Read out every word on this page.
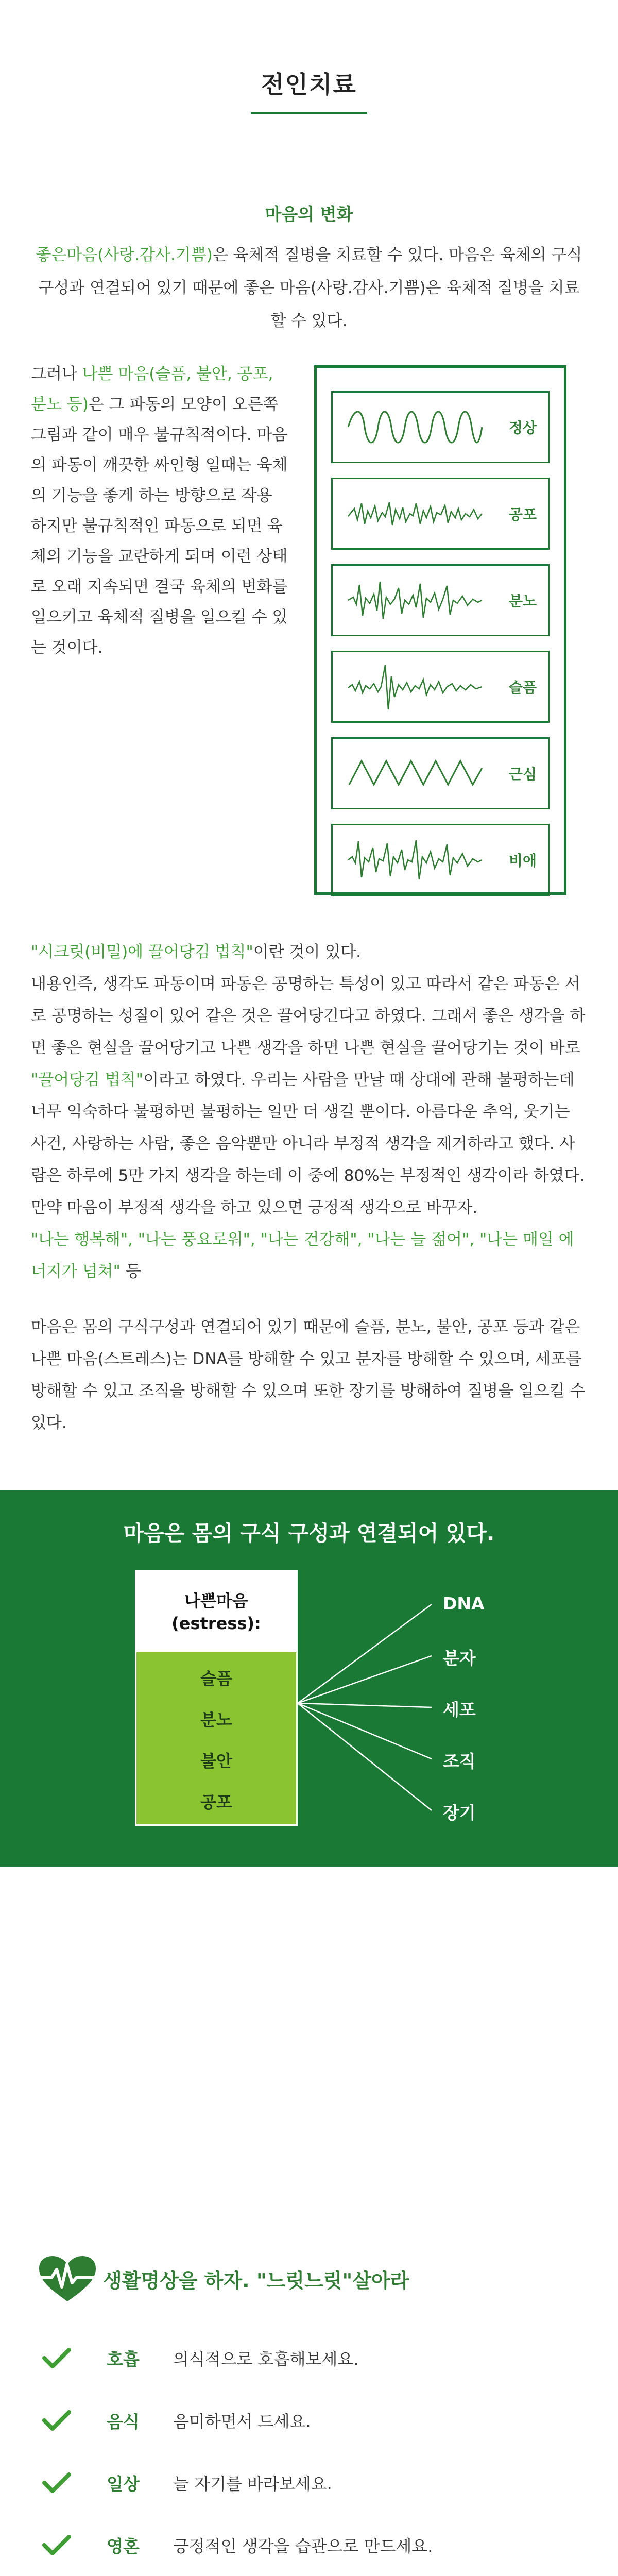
전인치료
마음의 변화
좋은마음(사랑.감사.기쁨)은 육체적 질병을 치료할 수 있다. 마음은 육체의 구식구성과 연결되어 있기 때문에 좋은 마음(사랑.감사.기쁨)은 육체적 질병을 치료할 수 있다.
그러나 나쁜 마음(슬픔, 불안, 공포, 분노 등)은 그 파동의 모양이 오른쪽 그림과 같이 매우 불규칙적이다. 마음의 파동이 깨끗한 싸인형 일때는 육체의 기능을 좋게 하는 방향으로 작용 하지만 불규칙적인 파동으로 되면 육체의 기능을 교란하게 되며 이런 상태로 오래 지속되면 결국 육체의 변화를 일으키고 육체적 질병을 일으킬 수 있는 것이다.
정상
공포
분노
슬픔
근심
비애

"시크릿(비밀)에 끌어당김 법칙"이란 것이 있다.

내용인즉, 생각도 파동이며 파동은 공명하는 특성이 있고 따라서 같은 파동은 서로 공명하는 성질이 있어 같은 것은 끌어당긴다고 하였다. 그래서 좋은 생각을 하면 좋은 현실을 끌어당기고 나쁜 생각을 하면 나쁜 현실을 끌어당기는 것이 바로 "끌어당김 법칙"이라고 하였다. 우리는 사람을 만날 때 상대에 관해 불평하는데 너무 익숙하다 불평하면 불평하는 일만 더 생길 뿐이다. 아름다운 추억, 웃기는 사건, 사랑하는 사람, 좋은 음악뿐만 아니라 부정적 생각을 제거하라고 했다. 사람은 하루에 5만 가지 생각을 하는데 이 중에 80%는 부정적인 생각이라 하였다. 만약 마음이 부정적 생각을 하고 있으면 긍정적 생각으로 바꾸자.

"나는 행복해", "나는 풍요로워", "나는 건강해", "나는 늘 젊어", "나는 매일 에너지가 넘쳐" 등

마음은 몸의 구식구성과 연결되어 있기 때문에 슬픔, 분노, 불안, 공포 등과 같은 나쁜 마음(스트레스)는 DNA를 방해할 수 있고 분자를 방해할 수 있으며, 세포를 방해할 수 있고 조직을 방해할 수 있으며 또한 장기를 방해하여 질병을 일으킬 수 있다.
마음은 몸의 구식 구성과 연결되어 있다.
나쁜마음
(estress):
슬픔
분노
불안
공포
DNA
분자
세포
조직
장기
생활명상을 하자. "느릿느릿"살아라
호흡	의식적으로 호흡해보세요.
음식	음미하면서 드세요.
일상	늘 자기를 바라보세요.
영혼	긍정적인 생각을 습관으로 만드세요.
